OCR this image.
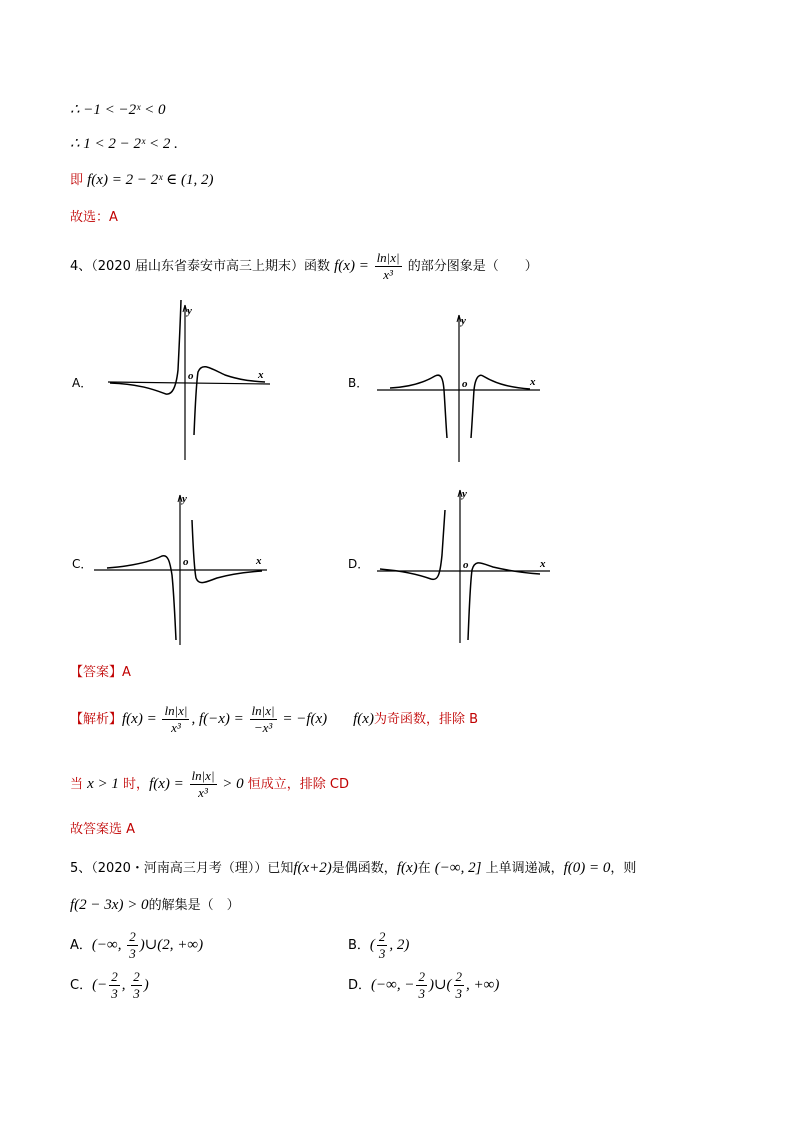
∴ −1 < −2ˣ < 0
∴ 1 < 2 − 2ˣ < 2 .
即 f(x) = 2 − 2ˣ ∈ (1, 2)
故选：A
4、（2020 届山东省泰安市高三上期末）函数 $f(x) = \frac{\ln|x|}{\text{x³}}$ 的部分图象是（　　）
A．	B．
C．	D．
y
x
o
y
x
o
y
x
o
y
x
o
【答案】A
【解析】$f(x) = \frac{\ln|x|}{\text{x³}}$ , $f(-x) = \frac{\ln|x|}{\text{−x³}} = -f(x)$ f(x)为奇函数，排除 B
当 x > 1 时，$f(x) = \frac{\ln|x|}{\text{x³}} > 0$ 恒成立，排除 CD
故答案选 A
5、（2020・河南高三月考（理））已知f(x+2)是偶函数，f(x)在 (−∞, 2] 上单调递减，f(0) = 0，则
f(2 − 3x) > 0的解集是（　）
A．(−∞, $\frac{2}{3}$ )∪(2, +∞)	B．( $\frac{2}{3}$ , 2)
C．(− $\frac{2}{3}$ , $\frac{2}{3}$ )	D．(−∞, − $\frac{2}{3}$ )∪( $\frac{2}{3}$ , +∞)
